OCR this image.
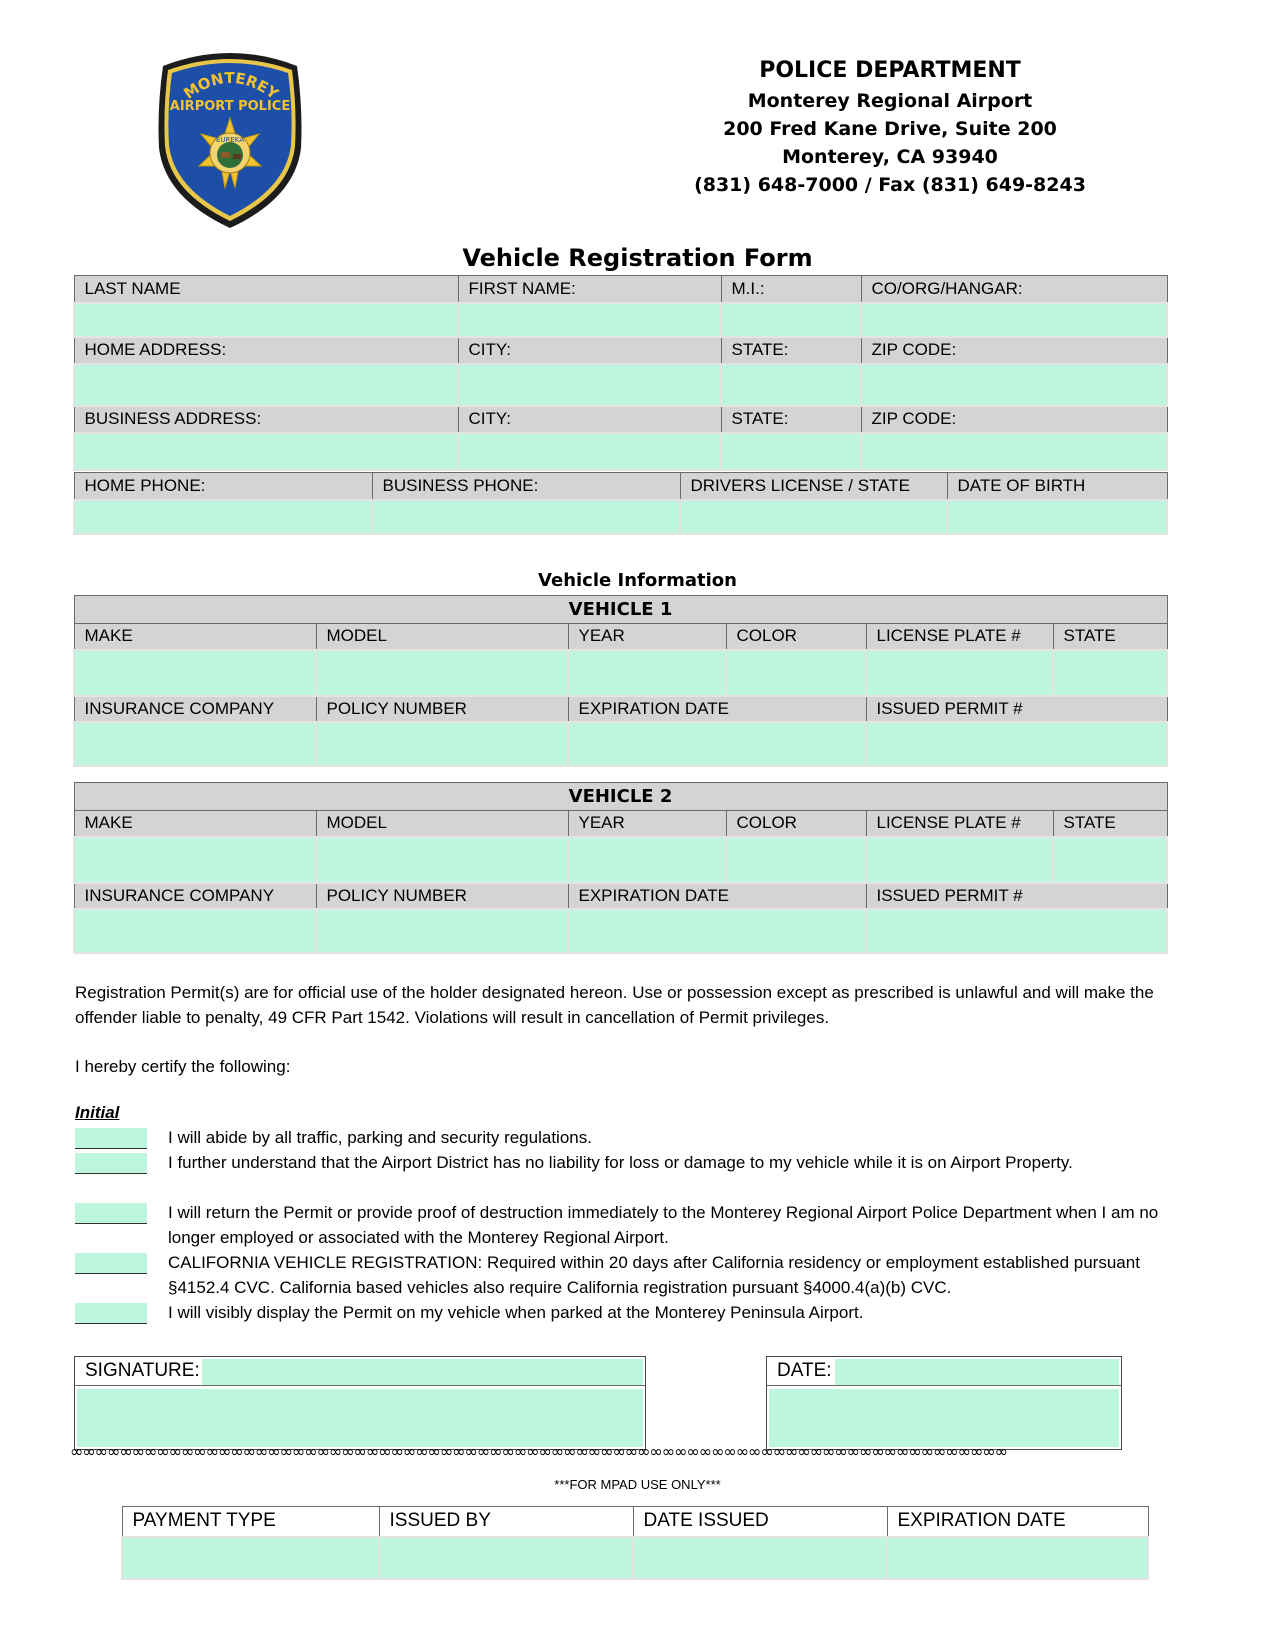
MONTEREY
AIRPORT POLICE
EUREKA
POLICE DEPARTMENT
Monterey Regional Airport
200 Fred Kane Drive, Suite 200
Monterey, CA 93940
(831) 648-7000 / Fax (831) 649-8243
Vehicle Registration Form
LAST NAME	FIRST NAME:	M.I.:	CO/ORG/HANGAR:

HOME ADDRESS:	CITY:	STATE:	ZIP CODE:

BUSINESS ADDRESS:	CITY:	STATE:	ZIP CODE:

HOME PHONE:	BUSINESS PHONE:	DRIVERS LICENSE / STATE	DATE OF BIRTH

Vehicle Information
VEHICLE 1					
MAKE	MODEL	YEAR	COLOR	LICENSE PLATE #	STATE

INSURANCE COMPANY	POLICY NUMBER	EXPIRATION DATE		ISSUED PERMIT #	

VEHICLE 2					
MAKE	MODEL	YEAR	COLOR	LICENSE PLATE #	STATE

INSURANCE COMPANY	POLICY NUMBER	EXPIRATION DATE		ISSUED PERMIT #	

Registration Permit(s) are for official use of the holder designated hereon. Use or possession except as prescribed is unlawful and will make the offender liable to penalty, 49 CFR Part 1542. Violations will result in cancellation of Permit privileges.
I hereby certify the following:
Initial
I will abide by all traffic, parking and security regulations.
I further understand that the Airport District has no liability for loss or damage to my vehicle while it is on Airport Property.
I will return the Permit or provide proof of destruction immediately to the Monterey Regional Airport Police Department when I am no longer employed or associated with the Monterey Regional Airport.
CALIFORNIA VEHICLE REGISTRATION: Required within 20 days after California residency or employment established pursuant §4152.4 CVC. California based vehicles also require California registration pursuant §4000.4(a)(b) CVC.
I will visibly display the Permit on my vehicle when parked at the Monterey Peninsula Airport.
SIGNATURE:	DATE:
∞∞∞∞∞∞∞∞∞∞∞∞∞∞∞∞∞∞∞∞∞∞∞∞∞∞∞∞∞∞∞∞∞∞∞∞∞∞∞∞∞∞∞∞∞∞∞∞∞∞∞∞∞∞∞∞∞∞∞∞∞∞∞∞∞∞∞∞∞∞∞∞∞∞∞∞
***FOR MPAD USE ONLY***
PAYMENT TYPE	ISSUED BY	DATE ISSUED	EXPIRATION DATE
